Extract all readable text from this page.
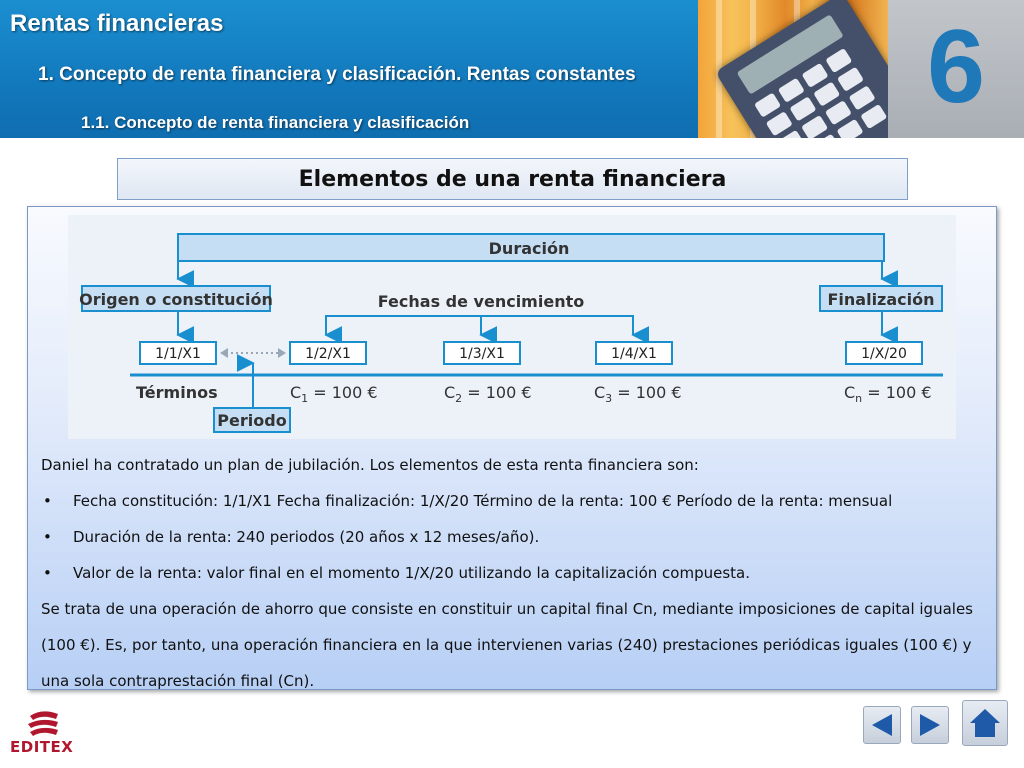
Rentas financieras
1. Concepto de renta financiera y clasificación. Rentas constantes
1.1. Concepto de renta financiera y clasificación	6
Elementos de una renta financiera
Duración
Origen o constitución	Finalización
Fechas de vencimiento
1/1/X1	1/2/X1	1/3/X1	1/4/X1	1/X/20
Términos	$C_1 = 100$ €	$C_2 = 100$ €	$C_3 = 100$ €	$C_n = 100$ €
Periodo
Daniel ha contratado un plan de jubilación. Los elementos de esta renta financiera son:
• Fecha constitución: 1/1/X1 Fecha finalización: 1/X/20 Término de la renta: 100 € Período de la renta: mensual
• Duración de la renta: 240 periodos (20 años x 12 meses/año).
• Valor de la renta: valor final en el momento 1/X/20 utilizando la capitalización compuesta.
Se trata de una operación de ahorro que consiste en constituir un capital final Cn, mediante imposiciones de capital iguales (100 €). Es, por tanto, una operación financiera en la que intervienen varias (240) prestaciones periódicas iguales (100 €) y una sola contraprestación final (Cn).
EDITEX
